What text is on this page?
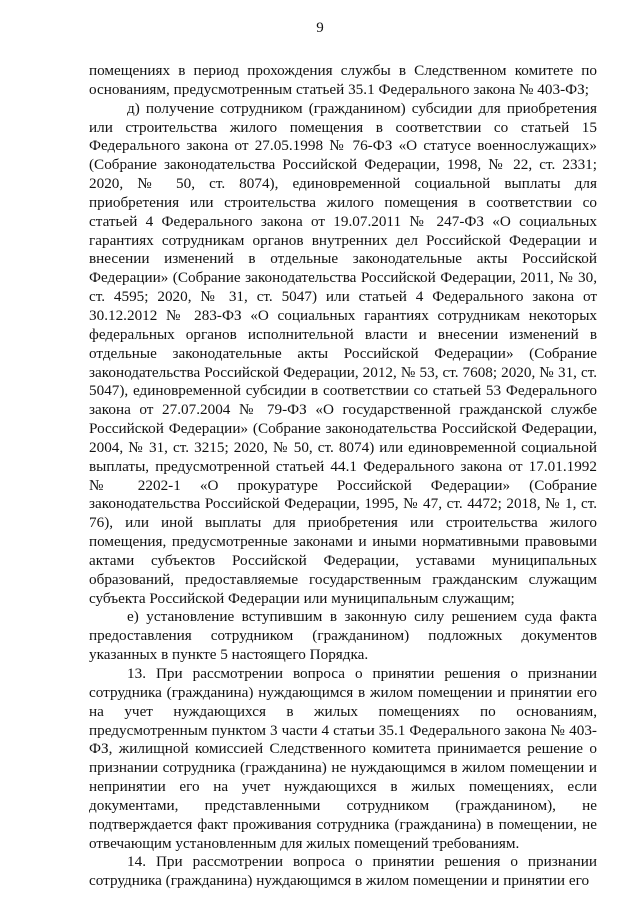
9

помещениях в период прохождения службы в Следственном комитете по основаниям, предусмотренным статьей 35.1 Федерального закона № 403-ФЗ;

д) получение сотрудником (гражданином) субсидии для приобретения или строительства жилого помещения в соответствии со статьей 15 Федерального закона от 27.05.1998 № 76-ФЗ «О статусе военнослужащих» (Собрание законодательства Российской Федерации, 1998, № 22, ст. 2331; 2020, № 50, ст. 8074), единовременной социальной выплаты для приобретения или строительства жилого помещения в соответствии со статьей 4 Федерального закона от 19.07.2011 № 247-ФЗ «О социальных гарантиях сотрудникам органов внутренних дел Российской Федерации и внесении изменений в отдельные законодательные акты Российской Федерации» (Собрание законодательства Российской Федерации, 2011, № 30, ст. 4595; 2020, № 31, ст. 5047) или статьей 4 Федерального закона от 30.12.2012 № 283-ФЗ «О социальных гарантиях сотрудникам некоторых федеральных органов исполнительной власти и внесении изменений в отдельные законодательные акты Российской Федерации» (Собрание законодательства Российской Федерации, 2012, № 53, ст. 7608; 2020, № 31, ст. 5047), единовременной субсидии в соответствии со статьей 53 Федерального закона от 27.07.2004 № 79-ФЗ «О государственной гражданской службе Российской Федерации» (Собрание законодательства Российской Федерации, 2004, № 31, ст. 3215; 2020, № 50, ст. 8074) или единовременной социальной выплаты, предусмотренной статьей 44.1 Федерального закона от 17.01.1992 № 2202-1 «О прокуратуре Российской Федерации» (Собрание законодательства Российской Федерации, 1995, № 47, ст. 4472; 2018, № 1, ст. 76), или иной выплаты для приобретения или строительства жилого помещения, предусмотренные законами и иными нормативными правовыми актами субъектов Российской Федерации, уставами муниципальных образований, предоставляемые государственным гражданским служащим субъекта Российской Федерации или муниципальным служащим;

е) установление вступившим в законную силу решением суда факта предоставления сотрудником (гражданином) подложных документов указанных в пункте 5 настоящего Порядка.

13. При рассмотрении вопроса о принятии решения о признании сотрудника (гражданина) нуждающимся в жилом помещении и принятии его на учет нуждающихся в жилых помещениях по основаниям, предусмотренным пунктом 3 части 4 статьи 35.1 Федерального закона № 403-ФЗ, жилищной комиссией Следственного комитета принимается решение о признании сотрудника (гражданина) не нуждающимся в жилом помещении и непринятии его на учет нуждающихся в жилых помещениях, если документами, представленными сотрудником (гражданином), не подтверждается факт проживания сотрудника (гражданина) в помещении, не отвечающим установленным для жилых помещений требованиям.

14. При рассмотрении вопроса о принятии решения о признании сотрудника (гражданина) нуждающимся в жилом помещении и принятии его
